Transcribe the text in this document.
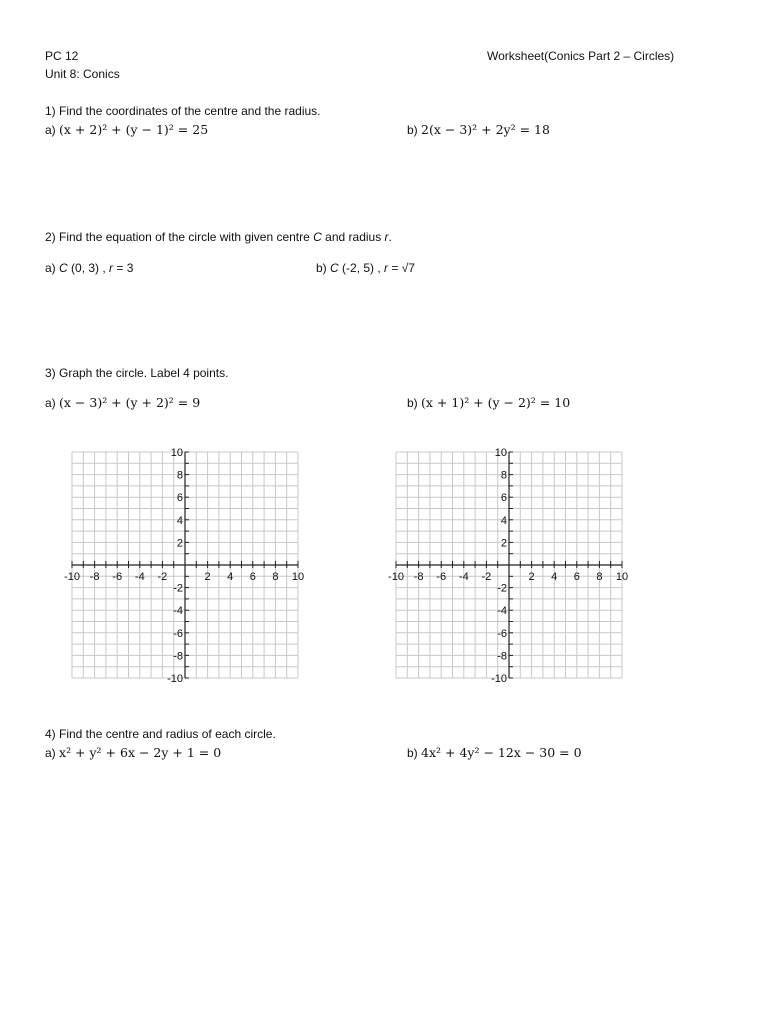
PC 12
Unit 8: Conics
Worksheet(Conics Part 2 – Circles)
1) Find the coordinates of the centre and the radius.
a) (x + 2)² + (y − 1)² = 25	b) 2(x − 3)² + 2y² = 18
2) Find the equation of the circle with given centre C and radius r.
a) C (0, 3) , r = 3	b) C (-2, 5) , r = √7
3) Graph the circle. Label 4 points.
a) (x − 3)² + (y + 2)² = 9	b) (x + 1)² + (y − 2)² = 10
-10 -8 -6 -4 -2	2 4 6 8 10
10
8
6
4
2
-2
-4
-6
-8
-10
-10 -8 -6 -4 -2	2 4 6 8 10
10
8
6
4
2
-2
-4
-6
-8
-10
4) Find the centre and radius of each circle.
a) x² + y² + 6x − 2y + 1 = 0	b) 4x² + 4y² − 12x − 30 = 0
